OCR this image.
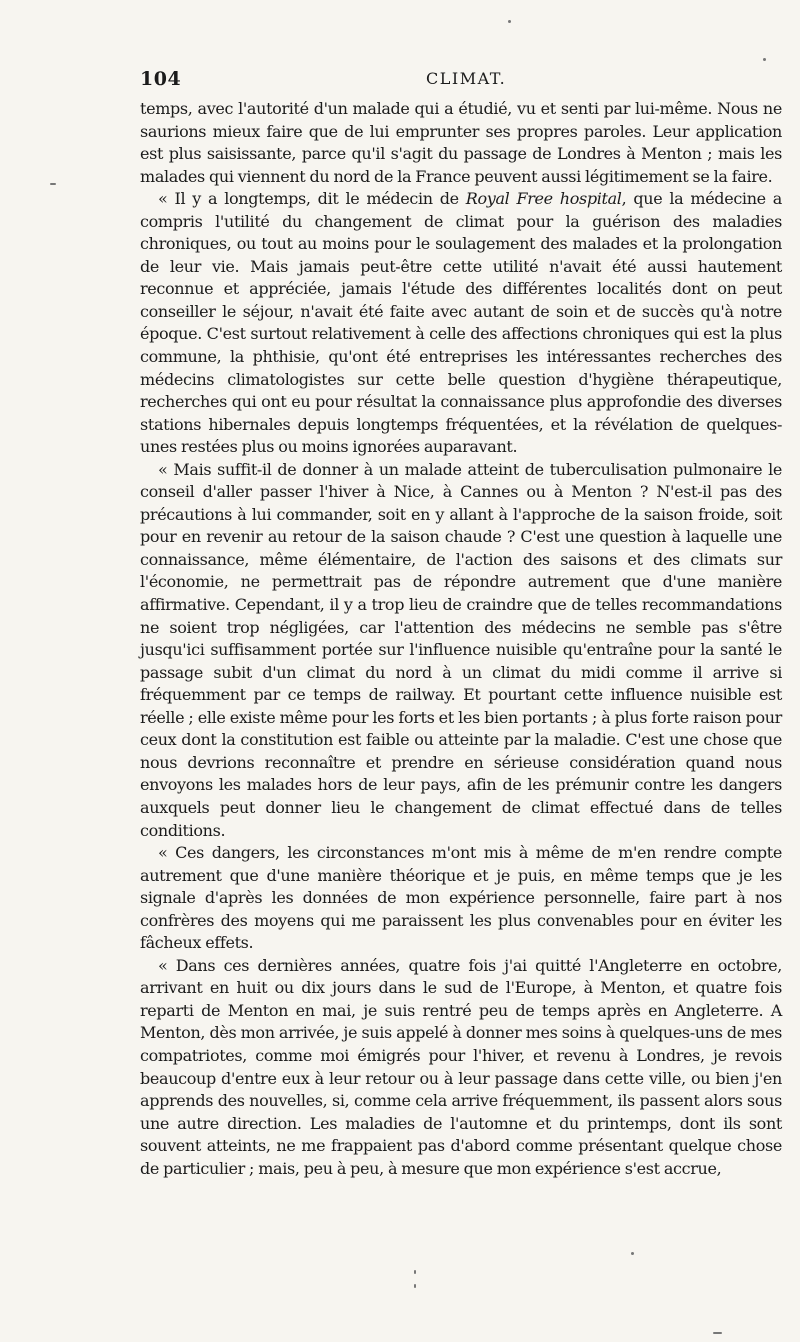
104	CLIMAT.

temps, avec l'autorité d'un malade qui a étudié, vu et senti par lui-même. Nous ne saurions mieux faire que de lui emprunter ses propres paroles. Leur application est plus saisissante, parce qu'il s'agit du passage de Londres à Menton ; mais les malades qui viennent du nord de la France peuvent aussi légitimement se la faire.

« Il y a longtemps, dit le médecin de Royal Free hospital, que la médecine a compris l'utilité du changement de climat pour la guérison des maladies chroniques, ou tout au moins pour le soulagement des malades et la prolongation de leur vie. Mais jamais peut-être cette utilité n'avait été aussi hautement reconnue et appréciée, jamais l'étude des différentes localités dont on peut conseiller le séjour, n'avait été faite avec autant de soin et de succès qu'à notre époque. C'est surtout relativement à celle des affections chroniques qui est la plus commune, la phthisie, qu'ont été entreprises les intéressantes recherches des médecins climatologistes sur cette belle question d'hygiène thérapeutique, recherches qui ont eu pour résultat la connaissance plus approfondie des diverses stations hibernales depuis longtemps fréquentées, et la révélation de quelques-unes restées plus ou moins ignorées auparavant.

« Mais suffit-il de donner à un malade atteint de tuberculisation pulmonaire le conseil d'aller passer l'hiver à Nice, à Cannes ou à Menton ? N'est-il pas des précautions à lui commander, soit en y allant à l'approche de la saison froide, soit pour en revenir au retour de la saison chaude ? C'est une question à laquelle une connaissance, même élémentaire, de l'action des saisons et des climats sur l'économie, ne permettrait pas de répondre autrement que d'une manière affirmative. Cependant, il y a trop lieu de craindre que de telles recommandations ne soient trop négligées, car l'attention des médecins ne semble pas s'être jusqu'ici suffisamment portée sur l'influence nuisible qu'entraîne pour la santé le passage subit d'un climat du nord à un climat du midi comme il arrive si fréquemment par ce temps de railway. Et pourtant cette influence nuisible est réelle ; elle existe même pour les forts et les bien portants ; à plus forte raison pour ceux dont la constitution est faible ou atteinte par la maladie. C'est une chose que nous devrions reconnaître et prendre en sérieuse considération quand nous envoyons les malades hors de leur pays, afin de les prémunir contre les dangers auxquels peut donner lieu le changement de climat effectué dans de telles conditions.

« Ces dangers, les circonstances m'ont mis à même de m'en rendre compte autrement que d'une manière théorique et je puis, en même temps que je les signale d'après les données de mon expérience personnelle, faire part à nos confrères des moyens qui me paraissent les plus convenables pour en éviter les fâcheux effets.

« Dans ces dernières années, quatre fois j'ai quitté l'Angleterre en octobre, arrivant en huit ou dix jours dans le sud de l'Europe, à Menton, et quatre fois reparti de Menton en mai, je suis rentré peu de temps après en Angleterre. A Menton, dès mon arrivée, je suis appelé à donner mes soins à quelques-uns de mes compatriotes, comme moi émigrés pour l'hiver, et revenu à Londres, je revois beaucoup d'entre eux à leur retour ou à leur passage dans cette ville, ou bien j'en apprends des nouvelles, si, comme cela arrive fréquemment, ils passent alors sous une autre direction. Les maladies de l'automne et du printemps, dont ils sont souvent atteints, ne me frappaient pas d'abord comme présentant quelque chose de particulier ; mais, peu à peu, à mesure que mon expérience s'est accrue,
